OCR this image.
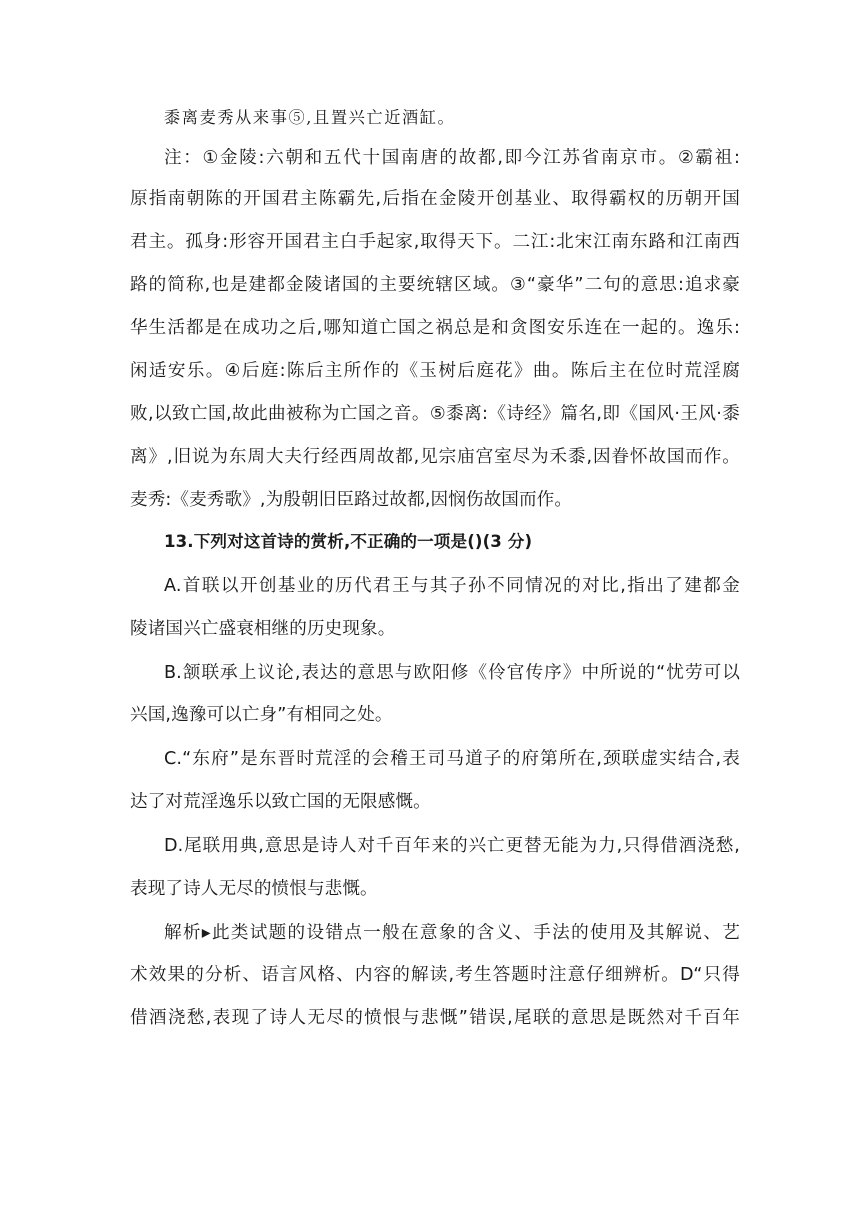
黍离麦秀从来事⑤,且置兴亡近酒缸。
注：①金陵:六朝和五代十国南唐的故都,即今江苏省南京市。②霸祖:
原指南朝陈的开国君主陈霸先,后指在金陵开创基业、取得霸权的历朝开国
君主。孤身:形容开国君主白手起家,取得天下。二江:北宋江南东路和江南西
路的简称,也是建都金陵诸国的主要统辖区域。③“豪华”二句的意思:追求豪
华生活都是在成功之后,哪知道亡国之祸总是和贪图安乐连在一起的。逸乐:
闲适安乐。④后庭:陈后主所作的《玉树后庭花》曲。陈后主在位时荒淫腐
败,以致亡国,故此曲被称为亡国之音。⑤黍离:《诗经》篇名,即《国风·王风·黍
离》,旧说为东周大夫行经西周故都,见宗庙宫室尽为禾黍,因眷怀故国而作。
麦秀:《麦秀歌》,为殷朝旧臣路过故都,因悯伤故国而作。
13.下列对这首诗的赏析,不正确的一项是()(3 分)
A.首联以开创基业的历代君王与其子孙不同情况的对比,指出了建都金
陵诸国兴亡盛衰相继的历史现象。
B.颔联承上议论,表达的意思与欧阳修《伶官传序》中所说的“忧劳可以
兴国,逸豫可以亡身”有相同之处。
C.“东府”是东晋时荒淫的会稽王司马道子的府第所在,颈联虚实结合,表
达了对荒淫逸乐以致亡国的无限感慨。
D.尾联用典,意思是诗人对千百年来的兴亡更替无能为力,只得借酒浇愁,
表现了诗人无尽的愤恨与悲慨。
解析▸此类试题的设错点一般在意象的含义、手法的使用及其解说、艺
术效果的分析、语言风格、内容的解读,考生答题时注意仔细辨析。D“只得
借酒浇愁,表现了诗人无尽的愤恨与悲慨”错误,尾联的意思是既然对千百年
